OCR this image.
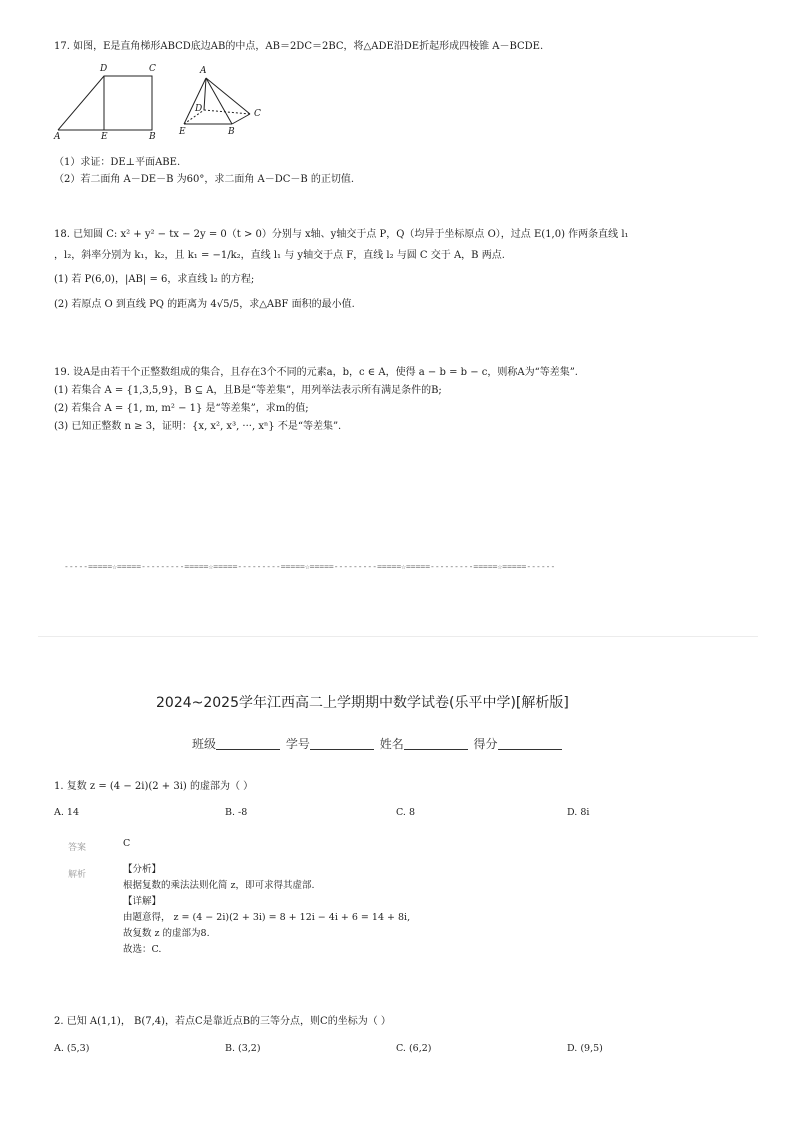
17. 如图，E是直角梯形ABCD底边AB的中点，AB＝2DC＝2BC，将△ADE沿DE折起形成四棱锥 A－BCDE.
A	E	B
D	C	A
D	C
E	B
（1）求证：DE⊥平面ABE.
（2）若二面角 A－DE－B 为60°，求二面角 A－DC－B 的正切值.
18. 已知圆 C: x² + y² − tx − 2y = 0（t > 0）分别与 x轴、y轴交于点 P，Q（均异于坐标原点 O），过点 E(1,0) 作两条直线 l₁
，l₂，斜率分别为 k₁，k₂，且 k₁ = −1/k₂，直线 l₁ 与 y轴交于点 F，直线 l₂ 与圆 C 交于 A，B 两点.
(1) 若 P(6,0)，|AB| = 6，求直线 l₂ 的方程;
(2) 若原点 O 到直线 PQ 的距离为 4√5/5，求△ABF 面积的最小值.
19. 设A是由若干个正整数组成的集合，且存在3个不同的元素a，b，c ∈ A，使得 a − b = b − c，则称A为“等差集”.
(1) 若集合 A = {1,3,5,9}，B ⊆ A，且B是“等差集”，用列举法表示所有满足条件的B;
(2) 若集合 A = {1, m, m² − 1} 是“等差集”，求m的值;
(3) 已知正整数 n ≥ 3，证明：{x, x², x³, ···, xⁿ} 不是“等差集”.
-----=====☆=====---------=====☆=====---------=====☆=====---------=====☆=====---------=====☆=====------
2024~2025学年江西高二上学期期中数学试卷(乐平中学)[解析版]
班级	学号	姓名	得分
1. 复数 z = (4 − 2i)(2 + 3i) 的虚部为（ ）
A. 14	B. -8	C. 8	D. 8i
答案	C
解析	【分析】
根据复数的乘法法则化简 z，即可求得其虚部.
【详解】
由题意得， z = (4 − 2i)(2 + 3i) = 8 + 12i − 4i + 6 = 14 + 8i,
故复数 z 的虚部为8.
故选：C.
2. 已知 A(1,1)， B(7,4)，若点C是靠近点B的三等分点，则C的坐标为（ ）
A. (5,3)	B. (3,2)	C. (6,2)	D. (9,5)
